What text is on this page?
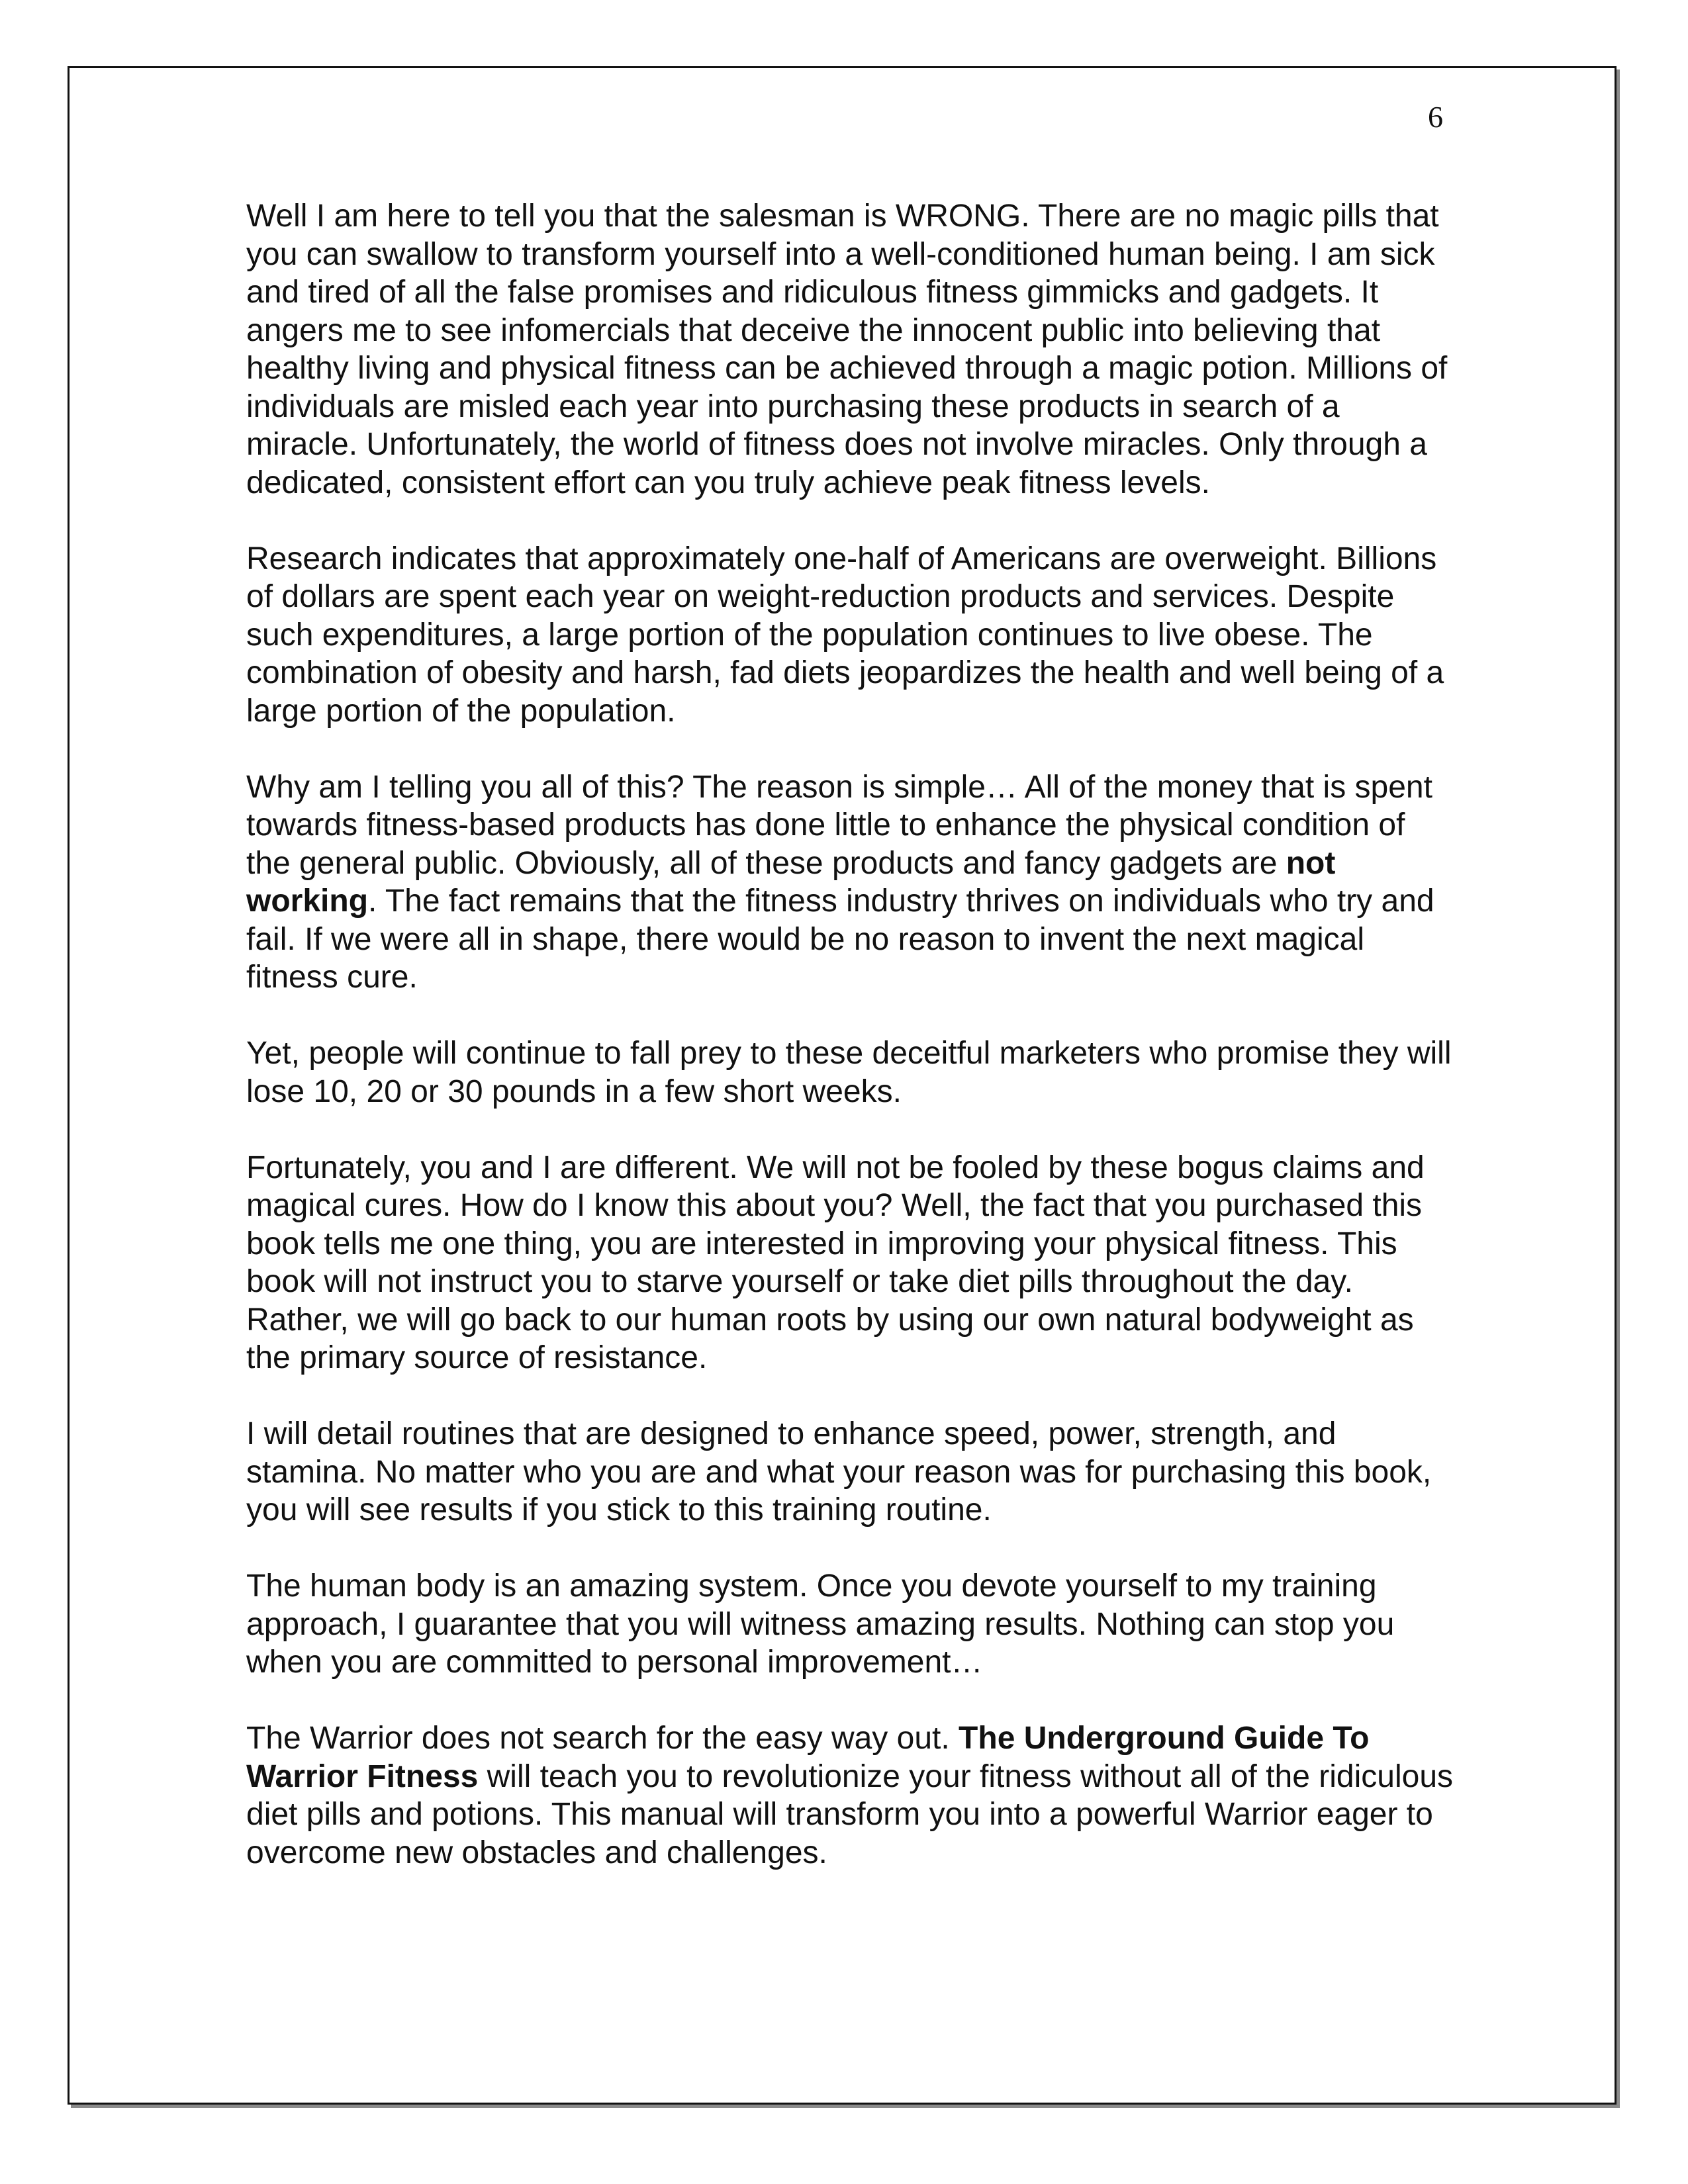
6

Well I am here to tell you that the salesman is WRONG. There are no magic pills that you can swallow to transform yourself into a well-conditioned human being. I am sick and tired of all the false promises and ridiculous fitness gimmicks and gadgets. It angers me to see infomercials that deceive the innocent public into believing that healthy living and physical fitness can be achieved through a magic potion. Millions of individuals are misled each year into purchasing these products in search of a miracle. Unfortunately, the world of fitness does not involve miracles. Only through a dedicated, consistent effort can you truly achieve peak fitness levels.

Research indicates that approximately one-half of Americans are overweight. Billions of dollars are spent each year on weight-reduction products and services. Despite such expenditures, a large portion of the population continues to live obese. The combination of obesity and harsh, fad diets jeopardizes the health and well being of a large portion of the population.

Why am I telling you all of this? The reason is simple… All of the money that is spent towards fitness-based products has done little to enhance the physical condition of the general public. Obviously, all of these products and fancy gadgets are not working. The fact remains that the fitness industry thrives on individuals who try and fail. If we were all in shape, there would be no reason to invent the next magical fitness cure.

Yet, people will continue to fall prey to these deceitful marketers who promise they will lose 10, 20 or 30 pounds in a few short weeks.

Fortunately, you and I are different. We will not be fooled by these bogus claims and magical cures. How do I know this about you? Well, the fact that you purchased this book tells me one thing, you are interested in improving your physical fitness. This book will not instruct you to starve yourself or take diet pills throughout the day. Rather, we will go back to our human roots by using our own natural bodyweight as the primary source of resistance.

I will detail routines that are designed to enhance speed, power, strength, and stamina. No matter who you are and what your reason was for purchasing this book, you will see results if you stick to this training routine.

The human body is an amazing system. Once you devote yourself to my training approach, I guarantee that you will witness amazing results. Nothing can stop you when you are committed to personal improvement…

The Warrior does not search for the easy way out. The Underground Guide To Warrior Fitness will teach you to revolutionize your fitness without all of the ridiculous diet pills and potions. This manual will transform you into a powerful Warrior eager to overcome new obstacles and challenges.
